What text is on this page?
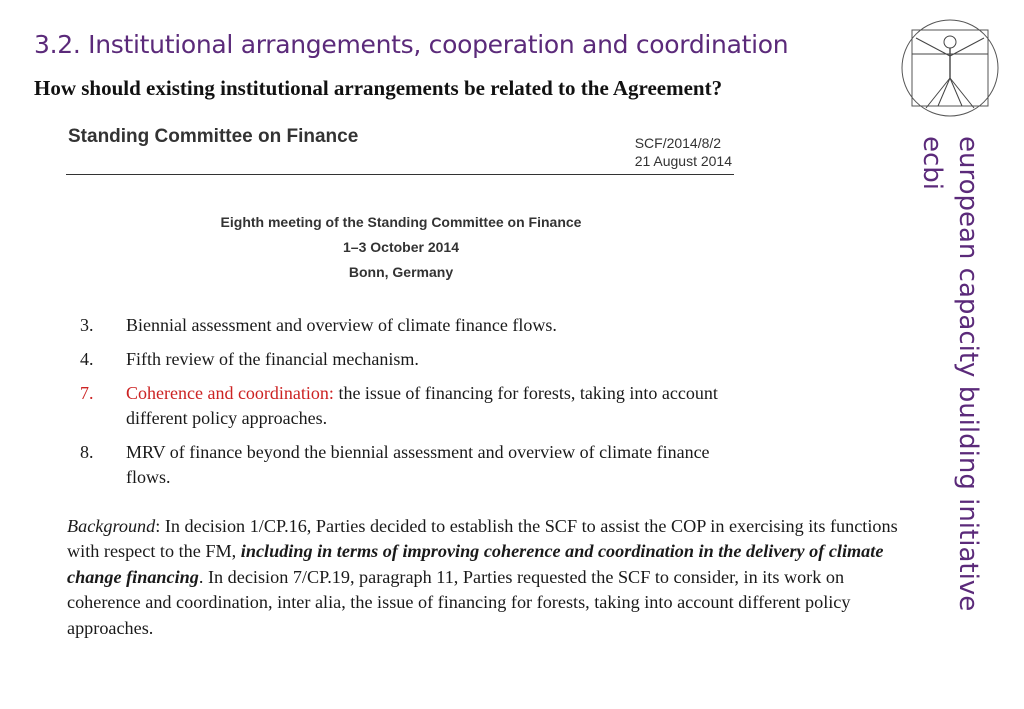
3.2. Institutional arrangements, cooperation and coordination
How should existing institutional arrangements be related to the Agreement?
european capacity building initiative
ecbi
Standing Committee on Finance	SCF/2014/8/2
21 August 2014
Eighth meeting of the Standing Committee on Finance
1–3 October 2014
Bonn, Germany
3. Biennial assessment and overview of climate finance flows.
4. Fifth review of the financial mechanism.
7. Coherence and coordination: the issue of financing for forests, taking into account different policy approaches.
8. MRV of finance beyond the biennial assessment and overview of climate finance flows.
Background: In decision 1/CP.16, Parties decided to establish the SCF to assist the COP in exercising its functions with respect to the FM, including in terms of improving coherence and coordination in the delivery of climate change financing. In decision 7/CP.19, paragraph 11, Parties requested the SCF to consider, in its work on coherence and coordination, inter alia, the issue of financing for forests, taking into account different policy approaches.
